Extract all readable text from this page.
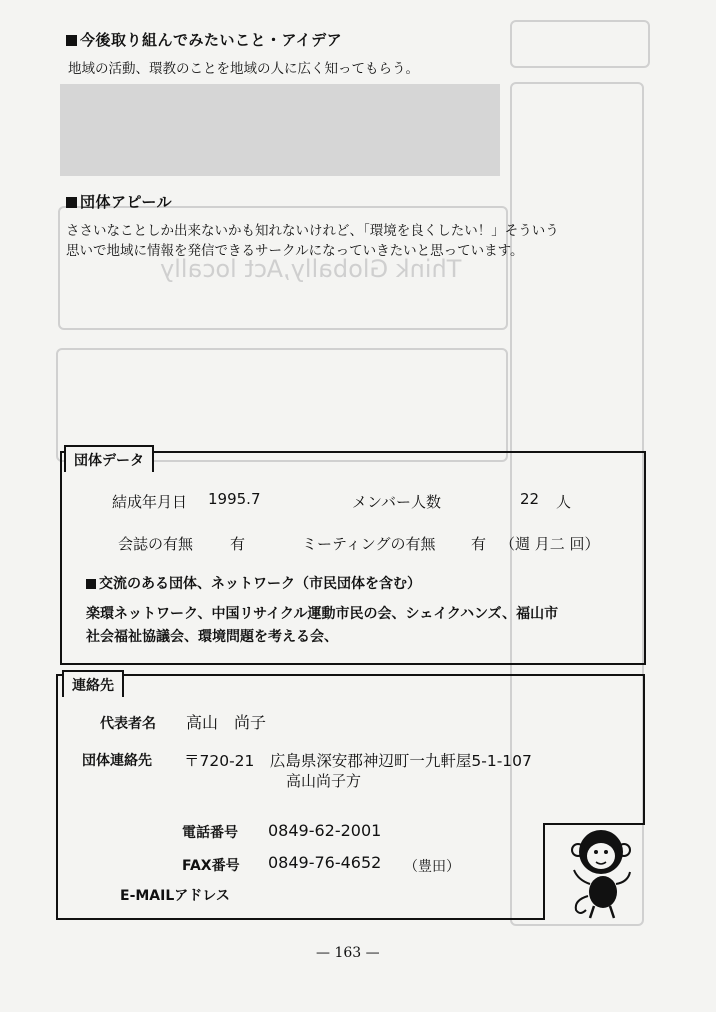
Think Globally,Act locally
今後取り組んでみたいこと・アイデア
地域の活動、環教のことを地域の人に広く知ってもらう。
団体アピール
ささいなことしか出来ないかも知れないけれど、「環境を良くしたい！」そういう
思いで地域に情報を発信できるサークルになっていきたいと思っています。
団体データ
結成年月日 1995.7	メンバー人数	22 人
会誌の有無 有	ミーティングの有無 有 （週 月二 回）
交流のある団体、ネットワーク（市民団体を含む）
楽環ネットワーク、中国リサイクル運動市民の会、シェイクハンズ、福山市
社会福祉協議会、環境問題を考える会、
連絡先
代表者名 高山　尚子
団体連絡先 〒720-21　広島県深安郡神辺町一九軒屋5-1-107
高山尚子方
電話番号 0849-62-2001
FAX番号 0849-76-4652 （豊田）
E-MAILアドレス
— 163 —
